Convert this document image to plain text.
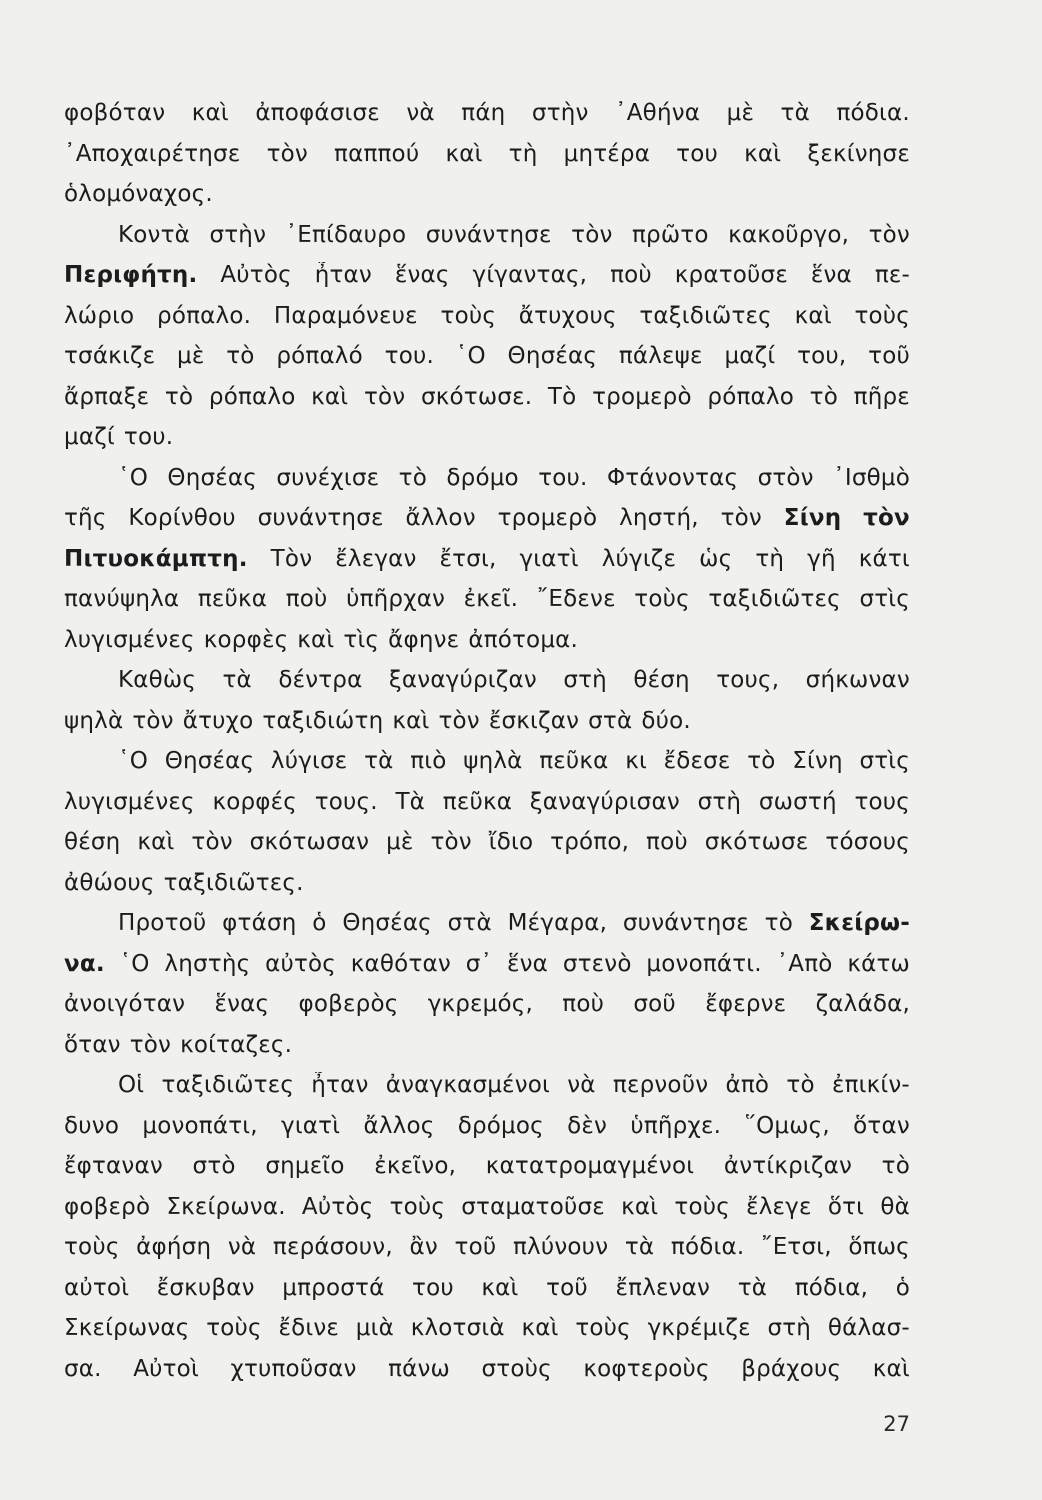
φοβόταν καὶ ἀποφάσισε νὰ πάη στὴν ᾿Αθήνα μὲ τὰ πόδια.
᾿Αποχαιρέτησε τὸν παππού καὶ τὴ μητέρα του καὶ ξεκίνησε
ὁλομόναχος.
Κοντὰ στὴν ᾿Επίδαυρο συνάντησε τὸν πρῶτο κακοῦργο, τὸν
Περιφήτη. Αὐτὸς ἦταν ἕνας γίγαντας, ποὺ κρατοῦσε ἕνα πε-
λώριο ρόπαλο. Παραμόνευε τοὺς ἄτυχους ταξιδιῶτες καὶ τοὺς
τσάκιζε μὲ τὸ ρόπαλό του. ῾Ο Θησέας πάλεψε μαζί του, τοῦ
ἄρπαξε τὸ ρόπαλο καὶ τὸν σκότωσε. Τὸ τρομερὸ ρόπαλο τὸ πῆρε
μαζί του.
῾Ο Θησέας συνέχισε τὸ δρόμο του. Φτάνοντας στὸν ᾿Ισθμὸ
τῆς Κορίνθου συνάντησε ἄλλον τρομερὸ ληστή, τὸν Σίνη τὸν
Πιτυοκάμπτη. Τὸν ἔλεγαν ἔτσι, γιατὶ λύγιζε ὡς τὴ γῆ κάτι
πανύψηλα πεῦκα ποὺ ὑπῆρχαν ἐκεῖ. ῎Εδενε τοὺς ταξιδιῶτες στὶς
λυγισμένες κορφὲς καὶ τὶς ἄφηνε ἀπότομα.
Καθὼς τὰ δέντρα ξαναγύριζαν στὴ θέση τους, σήκωναν
ψηλὰ τὸν ἄτυχο ταξιδιώτη καὶ τὸν ἔσκιζαν στὰ δύο.
῾Ο Θησέας λύγισε τὰ πιὸ ψηλὰ πεῦκα κι ἔδεσε τὸ Σίνη στὶς
λυγισμένες κορφές τους. Τὰ πεῦκα ξαναγύρισαν στὴ σωστή τους
θέση καὶ τὸν σκότωσαν μὲ τὸν ἴδιο τρόπο, ποὺ σκότωσε τόσους
ἀθώους ταξιδιῶτες.
Προτοῦ φτάση ὁ Θησέας στὰ Μέγαρα, συνάντησε τὸ Σκείρω-
να. ῾Ο ληστὴς αὐτὸς καθόταν σ᾿ ἕνα στενὸ μονοπάτι. ᾿Απὸ κάτω
ἀνοιγόταν ἕνας φοβερὸς γκρεμός, ποὺ σοῦ ἔφερνε ζαλάδα,
ὅταν τὸν κοίταζες.
Οἱ ταξιδιῶτες ἦταν ἀναγκασμένοι νὰ περνοῦν ἀπὸ τὸ ἐπικίν-
δυνο μονοπάτι, γιατὶ ἄλλος δρόμος δὲν ὑπῆρχε. ῞Ομως, ὅταν
ἔφταναν στὸ σημεῖο ἐκεῖνο, κατατρομαγμένοι ἀντίκριζαν τὸ
φοβερὸ Σκείρωνα. Αὐτὸς τοὺς σταματοῦσε καὶ τοὺς ἔλεγε ὅτι θὰ
τοὺς ἀφήση νὰ περάσουν, ἂν τοῦ πλύνουν τὰ πόδια. ῎Ετσι, ὅπως
αὐτοὶ ἔσκυβαν μπροστά του καὶ τοῦ ἔπλεναν τὰ πόδια, ὁ
Σκείρωνας τοὺς ἔδινε μιὰ κλοτσιὰ καὶ τοὺς γκρέμιζε στὴ θάλασ-
σα. Αὐτοὶ χτυποῦσαν πάνω στοὺς κοφτεροὺς βράχους καὶ
27
